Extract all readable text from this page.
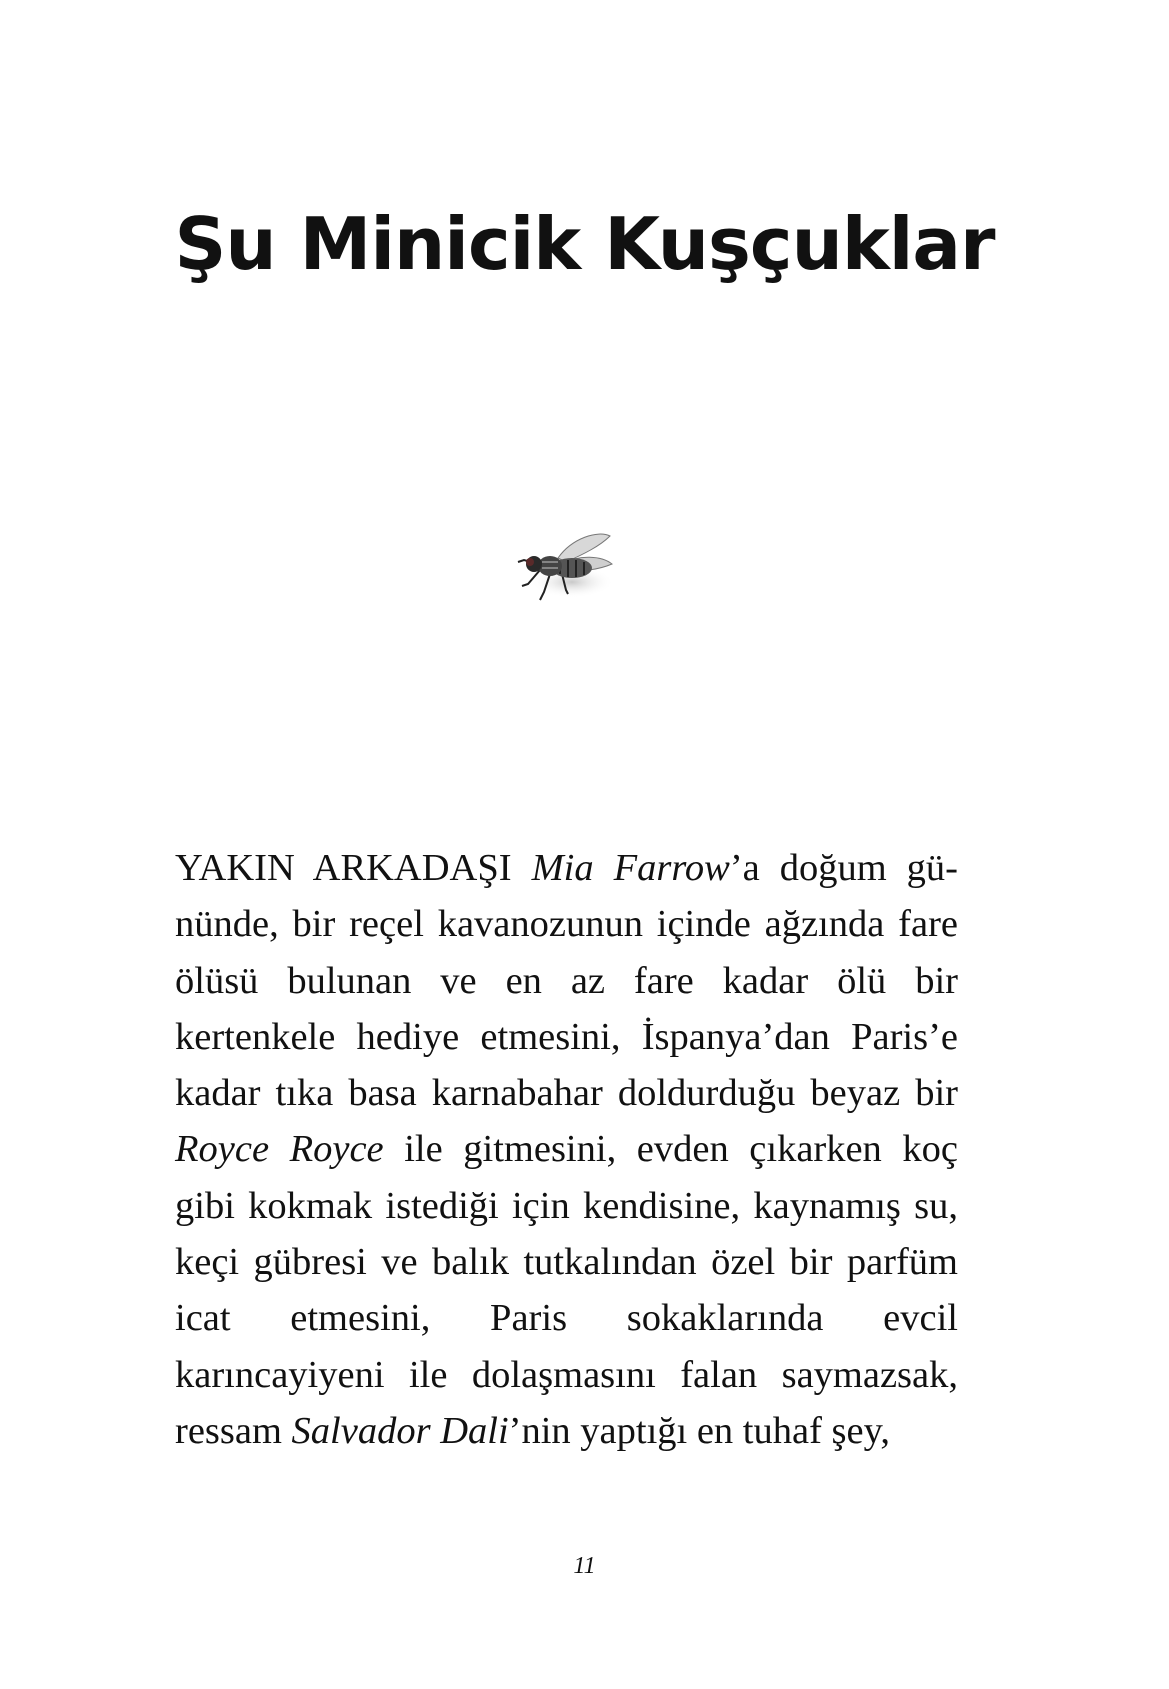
Şu Minicik Kuşçuklar

YAKIN ARKADAŞI Mia Farrow’a doğum gününde, bir reçel kavanozunun içinde ağzında fare ölüsü bulunan ve en az fare kadar ölü bir kertenkele hediye etmesini, İspanya’dan Paris’e kadar tıka basa karnabahar doldurduğu beyaz bir Royce Royce ile gitmesini, evden çıkarken koç gibi kokmak istediği için kendisine, kaynamış su, keçi gübresi ve balık tutkalından özel bir parfüm icat etmesini, Paris sokaklarında evcil karıncayiyeni ile dolaşmasını falan saymazsak, ressam Salvador Dali’nin yaptığı en tuhaf şey,

11
